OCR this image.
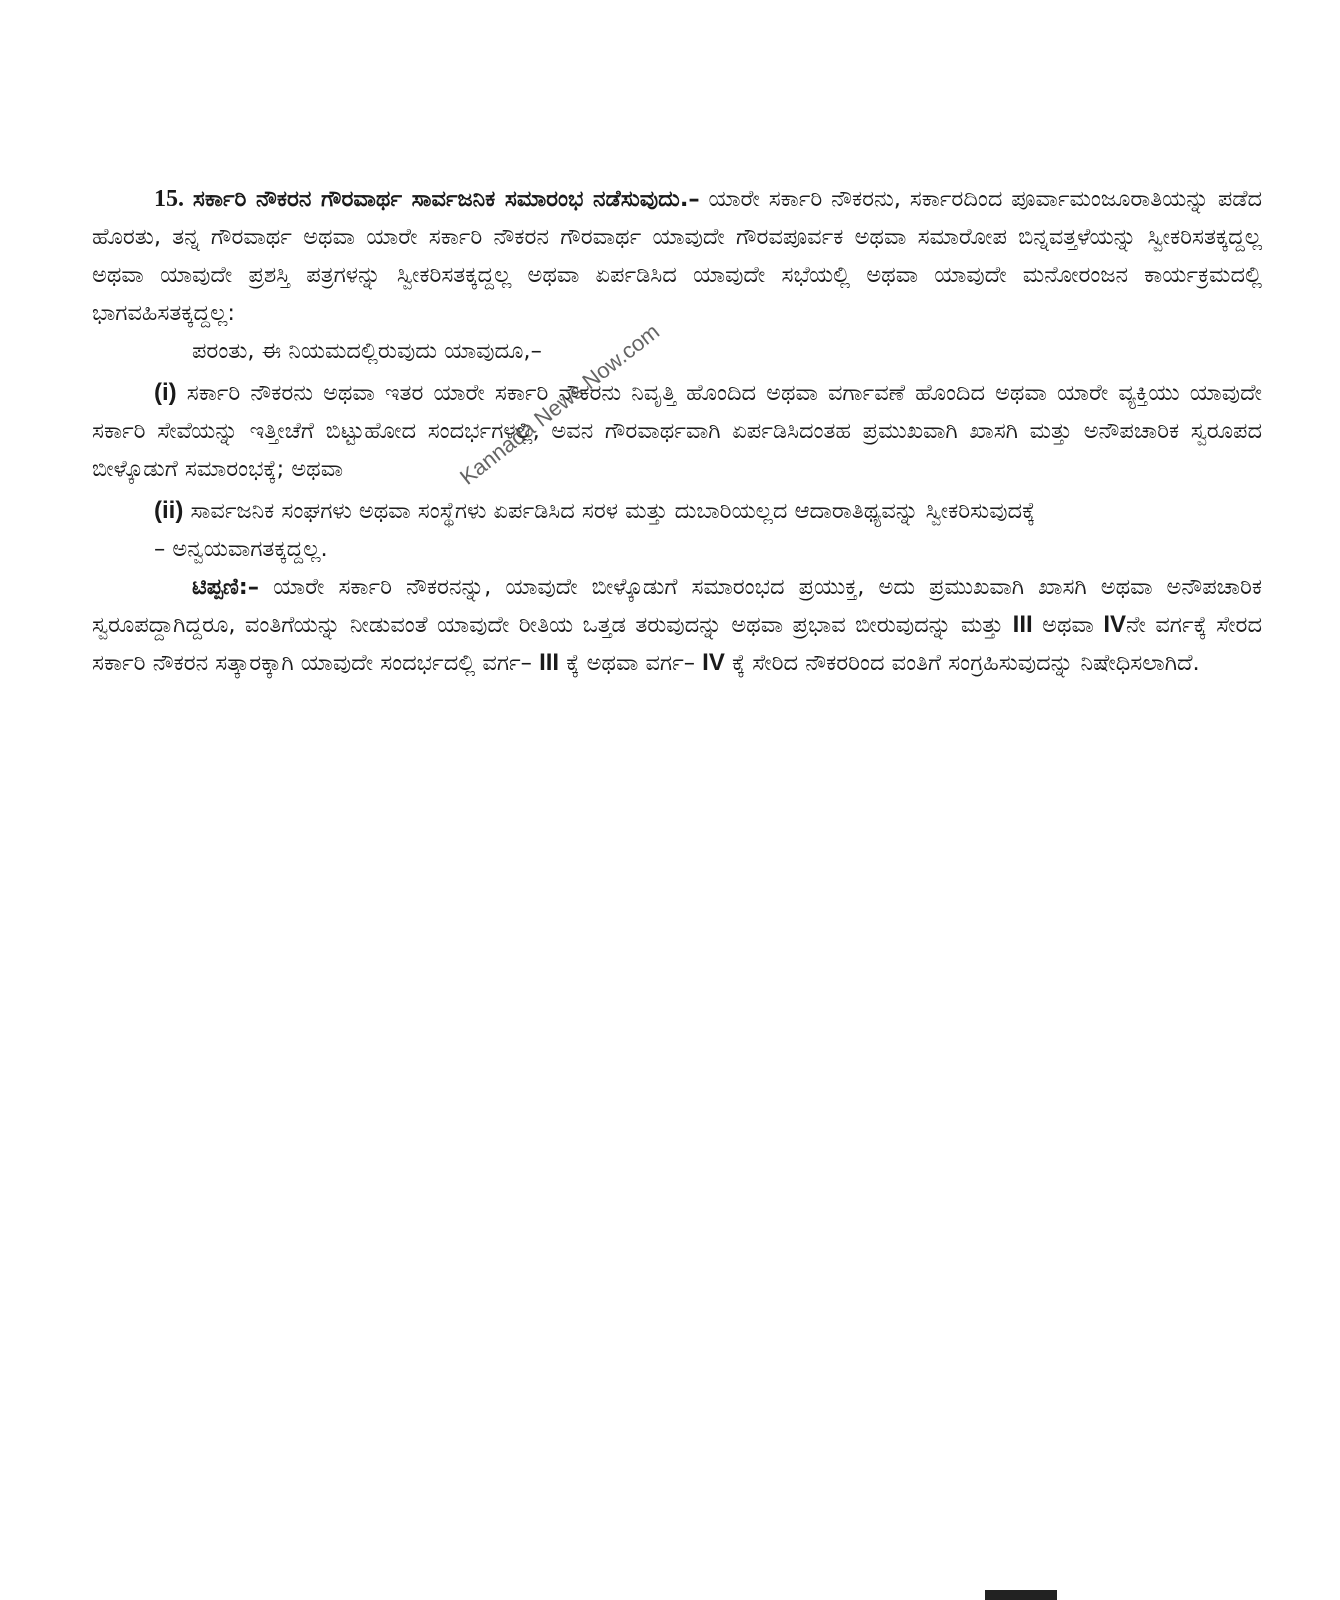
15. ಸರ್ಕಾರಿ ನೌಕರನ ಗೌರವಾರ್ಥ ಸಾರ್ವಜನಿಕ ಸಮಾರಂಭ ನಡೆಸುವುದು.– ಯಾರೇ ಸರ್ಕಾರಿ ನೌಕರನು, ಸರ್ಕಾರದಿಂದ ಪೂರ್ವಾಮಂಜೂರಾತಿಯನ್ನು ಪಡೆದ ಹೊರತು, ತನ್ನ ಗೌರವಾರ್ಥ ಅಥವಾ ಯಾರೇ ಸರ್ಕಾರಿ ನೌಕರನ ಗೌರವಾರ್ಥ ಯಾವುದೇ ಗೌರವಪೂರ್ವಕ ಅಥವಾ ಸಮಾರೋಪ ಬಿನ್ನವತ್ತಳೆಯನ್ನು ಸ್ವೀಕರಿಸತಕ್ಕದ್ದಲ್ಲ ಅಥವಾ ಯಾವುದೇ ಪ್ರಶಸ್ತಿ ಪತ್ರಗಳನ್ನು ಸ್ವೀಕರಿಸತಕ್ಕದ್ದಲ್ಲ ಅಥವಾ ಏರ್ಪಡಿಸಿದ ಯಾವುದೇ ಸಭೆಯಲ್ಲಿ ಅಥವಾ ಯಾವುದೇ ಮನೋರಂಜನ ಕಾರ್ಯಕ್ರಮದಲ್ಲಿ ಭಾಗವಹಿಸತಕ್ಕದ್ದಲ್ಲ:

ಪರಂತು, ಈ ನಿಯಮದಲ್ಲಿರುವುದು ಯಾವುದೂ,–

(i) ಸರ್ಕಾರಿ ನೌಕರನು ಅಥವಾ ಇತರ ಯಾರೇ ಸರ್ಕಾರಿ ನೌಕರನು ನಿವೃತ್ತಿ ಹೊಂದಿದ ಅಥವಾ ವರ್ಗಾವಣೆ ಹೊಂದಿದ ಅಥವಾ ಯಾರೇ ವ್ಯಕ್ತಿಯು ಯಾವುದೇ ಸರ್ಕಾರಿ ಸೇವೆಯನ್ನು ಇತ್ತೀಚೆಗೆ ಬಿಟ್ಟುಹೋದ ಸಂದರ್ಭಗಳಲ್ಲಿ, ಅವನ ಗೌರವಾರ್ಥವಾಗಿ ಏರ್ಪಡಿಸಿದಂತಹ ಪ್ರಮುಖವಾಗಿ ಖಾಸಗಿ ಮತ್ತು ಅನೌಪಚಾರಿಕ ಸ್ವರೂಪದ ಬೀಳ್ಕೊಡುಗೆ ಸಮಾರಂಭಕ್ಕೆ; ಅಥವಾ

(ii) ಸಾರ್ವಜನಿಕ ಸಂಘಗಳು ಅಥವಾ ಸಂಸ್ಥೆಗಳು ಏರ್ಪಡಿಸಿದ ಸರಳ ಮತ್ತು ದುಬಾರಿಯಲ್ಲದ ಆದಾರಾತಿಥ್ಯವನ್ನು ಸ್ವೀಕರಿಸುವುದಕ್ಕೆ

– ಅನ್ವಯವಾಗತಕ್ಕದ್ದಲ್ಲ.

ಟಿಪ್ಪಣಿ:– ಯಾರೇ ಸರ್ಕಾರಿ ನೌಕರನನ್ನು, ಯಾವುದೇ ಬೀಳ್ಕೊಡುಗೆ ಸಮಾರಂಭದ ಪ್ರಯುಕ್ತ, ಅದು ಪ್ರಮುಖವಾಗಿ ಖಾಸಗಿ ಅಥವಾ ಅನೌಪಚಾರಿಕ ಸ್ವರೂಪದ್ದಾಗಿದ್ದರೂ, ವಂತಿಗೆಯನ್ನು ನೀಡುವಂತೆ ಯಾವುದೇ ರೀತಿಯ ಒತ್ತಡ ತರುವುದನ್ನು ಅಥವಾ ಪ್ರಭಾವ ಬೀರುವುದನ್ನು ಮತ್ತು III ಅಥವಾ IVನೇ ವರ್ಗಕ್ಕೆ ಸೇರದ ಸರ್ಕಾರಿ ನೌಕರನ ಸತ್ಕಾರಕ್ಕಾಗಿ ಯಾವುದೇ ಸಂದರ್ಭದಲ್ಲಿ ವರ್ಗ– III ಕ್ಕೆ ಅಥವಾ ವರ್ಗ– IV ಕ್ಕೆ ಸೇರಿದ ನೌಕರರಿಂದ ವಂತಿಗೆ ಸಂಗ್ರಹಿಸುವುದನ್ನು ನಿಷೇಧಿಸಲಾಗಿದೆ.

Kannada News Now.com
